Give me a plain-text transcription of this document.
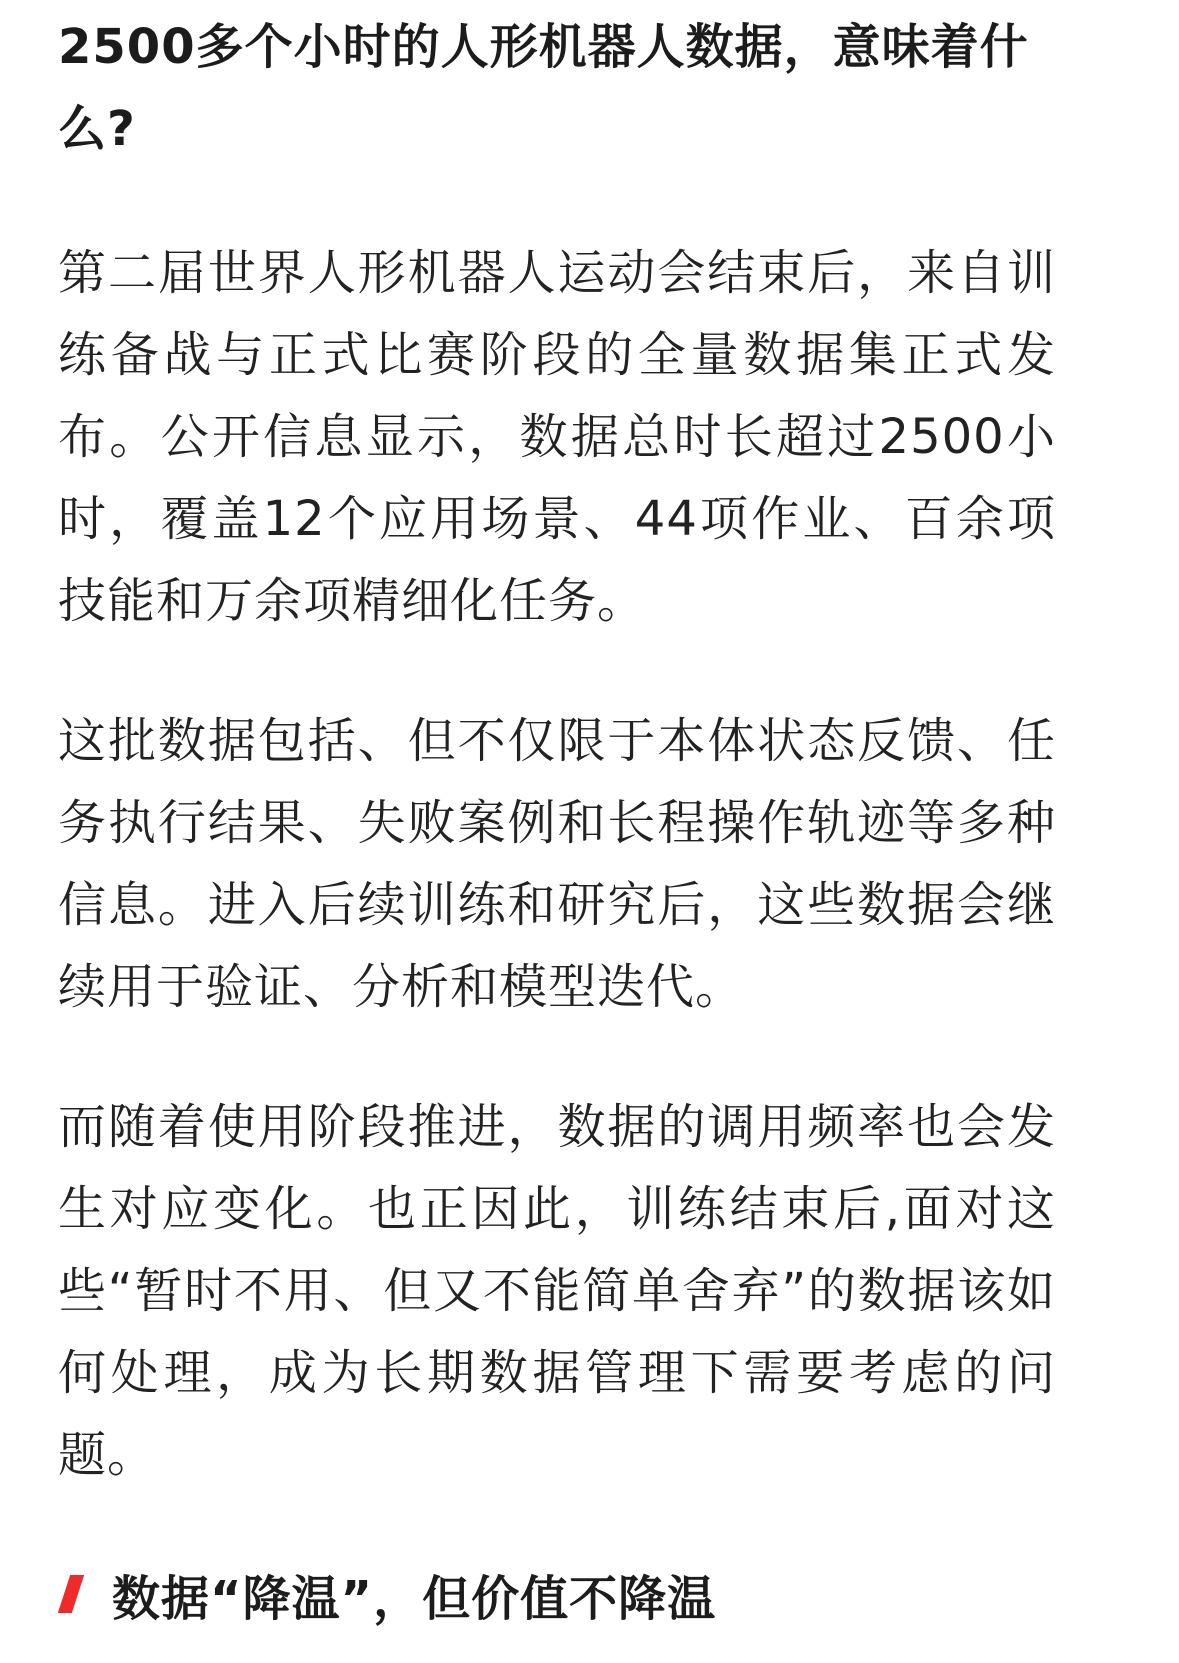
2500多个小时的人形机器人数据，意味着什么?

第二届世界人形机器人运动会结束后，来自训练备战与正式比赛阶段的全量数据集正式发布。公开信息显示，数据总时长超过2500小时，覆盖12个应用场景、44项作业、百余项技能和万余项精细化任务。

这批数据包括、但不仅限于本体状态反馈、任务执行结果、失败案例和长程操作轨迹等多种信息。进入后续训练和研究后，这些数据会继续用于验证、分析和模型迭代。

而随着使用阶段推进，数据的调用频率也会发生对应变化。也正因此，训练结束后,面对这些“暂时不用、但又不能简单舍弃”的数据该如何处理，成为长期数据管理下需要考虑的问题。

数据“降温”，但价值不降温
